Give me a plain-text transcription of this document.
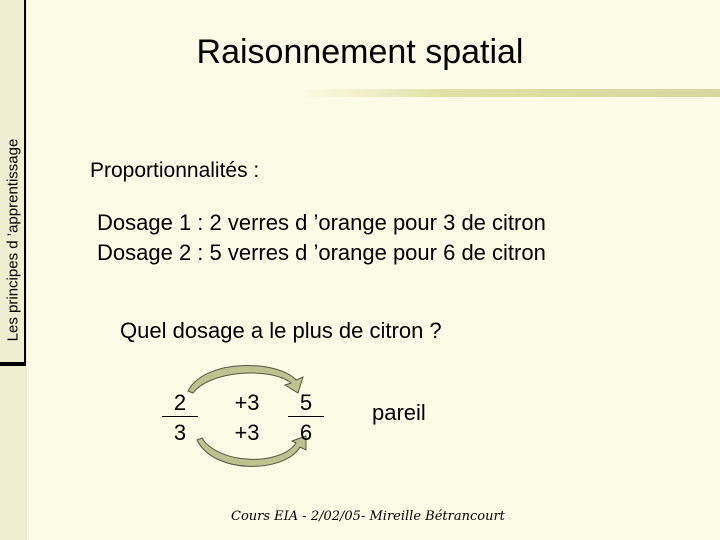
Les principes d ’apprentissage
Raisonnement spatial
Proportionnalités :
Dosage 1 : 2 verres d ’orange pour 3 de citron
Dosage 2 : 5 verres d ’orange pour 6 de citron
Quel dosage a le plus de citron ?
2
3
+3
+3
5
6
pareil
Cours EIA - 2/02/05- Mireille Bétrancourt
